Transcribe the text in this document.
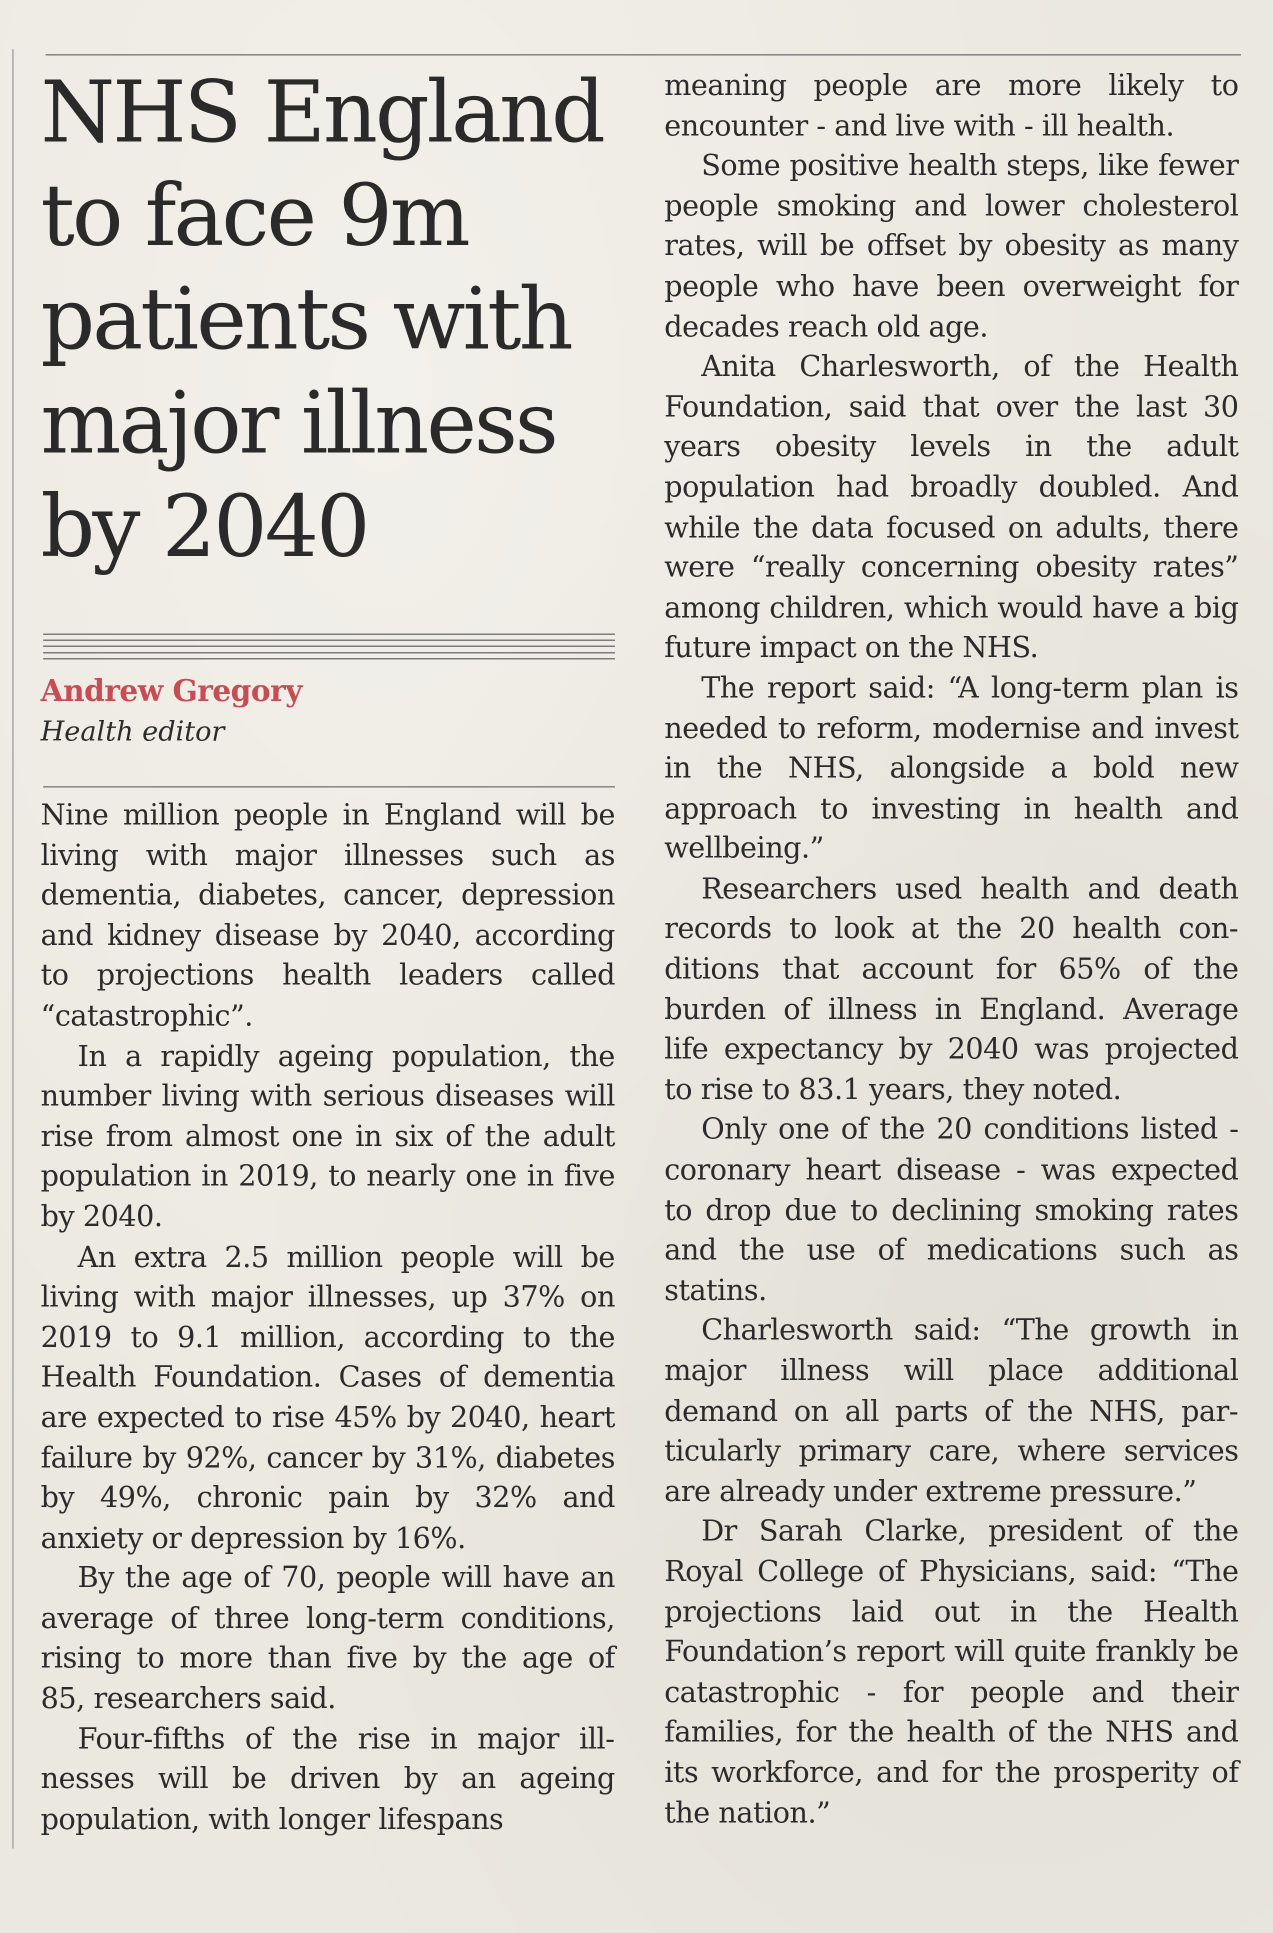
NHS England
to face 9m
patients with
major illness
by 2040
Andrew Gregory
Health editor

Nine million people in England will be living with major illnesses such as dementia, diabetes, cancer, depression and kidney disease by 2040, according to projections health leaders called “catastrophic”.

In a rapidly ageing population, the number living with serious diseases will rise from almost one in six of the adult population in 2019, to nearly one in five by 2040.

An extra 2.5 million people will be living with major illnesses, up 37% on 2019 to 9.1 million, according to the Health Foundation. Cases of dementia are expected to rise 45% by 2040, heart failure by 92%, cancer by 31%, diabetes by 49%, chronic pain by 32% and anxiety or depression by 16%.

By the age of 70, people will have an average of three long-term conditions, rising to more than five by the age of 85, researchers said.

Four-fifths of the rise in major illnesses will be driven by an ageing population, with longer lifespans

meaning people are more likely to encounter - and live with - ill health.

Some positive health steps, like fewer people smoking and lower cholesterol rates, will be offset by obesity as many people who have been overweight for decades reach old age.

Anita Charlesworth, of the Health Foundation, said that over the last 30 years obesity levels in the adult population had broadly doubled. And while the data focused on adults, there were “really concerning obesity rates” among children, which would have a big future impact on the NHS.

The report said: “A long-term plan is needed to reform, modernise and invest in the NHS, alongside a bold new approach to investing in health and wellbeing.”

Researchers used health and death records to look at the 20 health conditions that account for 65% of the burden of illness in England. Average life expectancy by 2040 was projected to rise to 83.1 years, they noted.

Only one of the 20 conditions listed - coronary heart disease - was expected to drop due to declining smoking rates and the use of medications such as statins.

Charlesworth said: “The growth in major illness will place additional demand on all parts of the NHS, particularly primary care, where services are already under extreme pressure.”

Dr Sarah Clarke, president of the Royal College of Physicians, said: “The projections laid out in the Health Foundation’s report will quite frankly be catastrophic - for people and their families, for the health of the NHS and its workforce, and for the prosperity of the nation.”
